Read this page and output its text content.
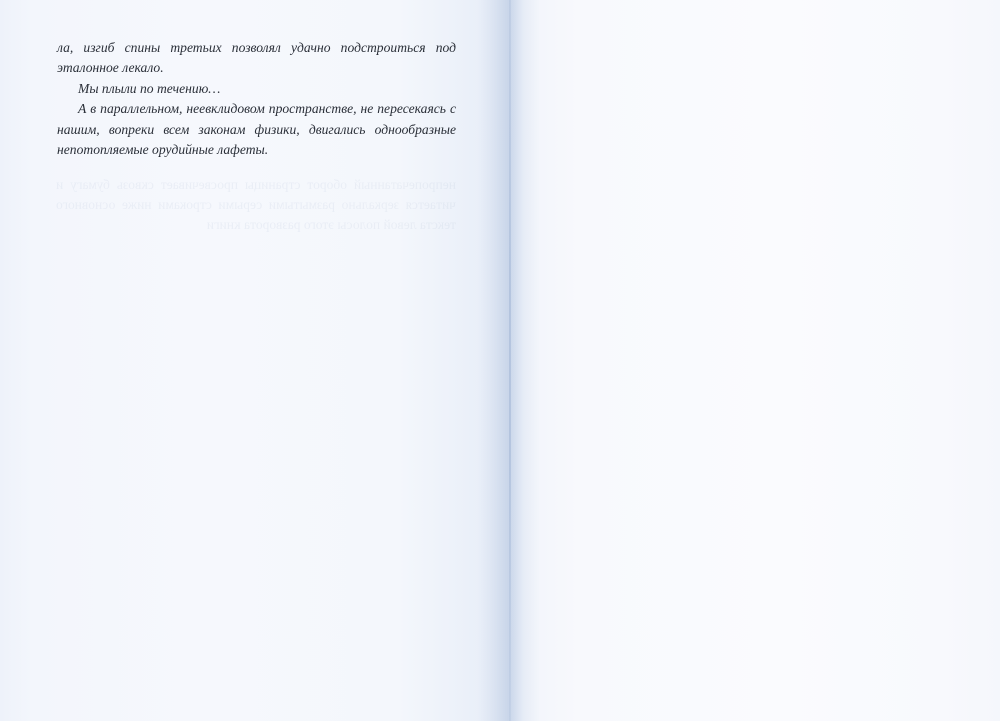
непропечатанный оборот страницы просвечивает сквозь бумагу и читается зеркально размытыми серыми строками ниже основного текста левой полосы этого разворота книги

ла, изгиб спины третьих позволял удачно подстроиться под эталонное лекало.

Мы плыли по течению…

А в параллельном, неевклидовом пространстве, не пересекаясь с нашим, вопреки всем законам физики, двигались однообразные непотопляемые орудийные лафеты.
